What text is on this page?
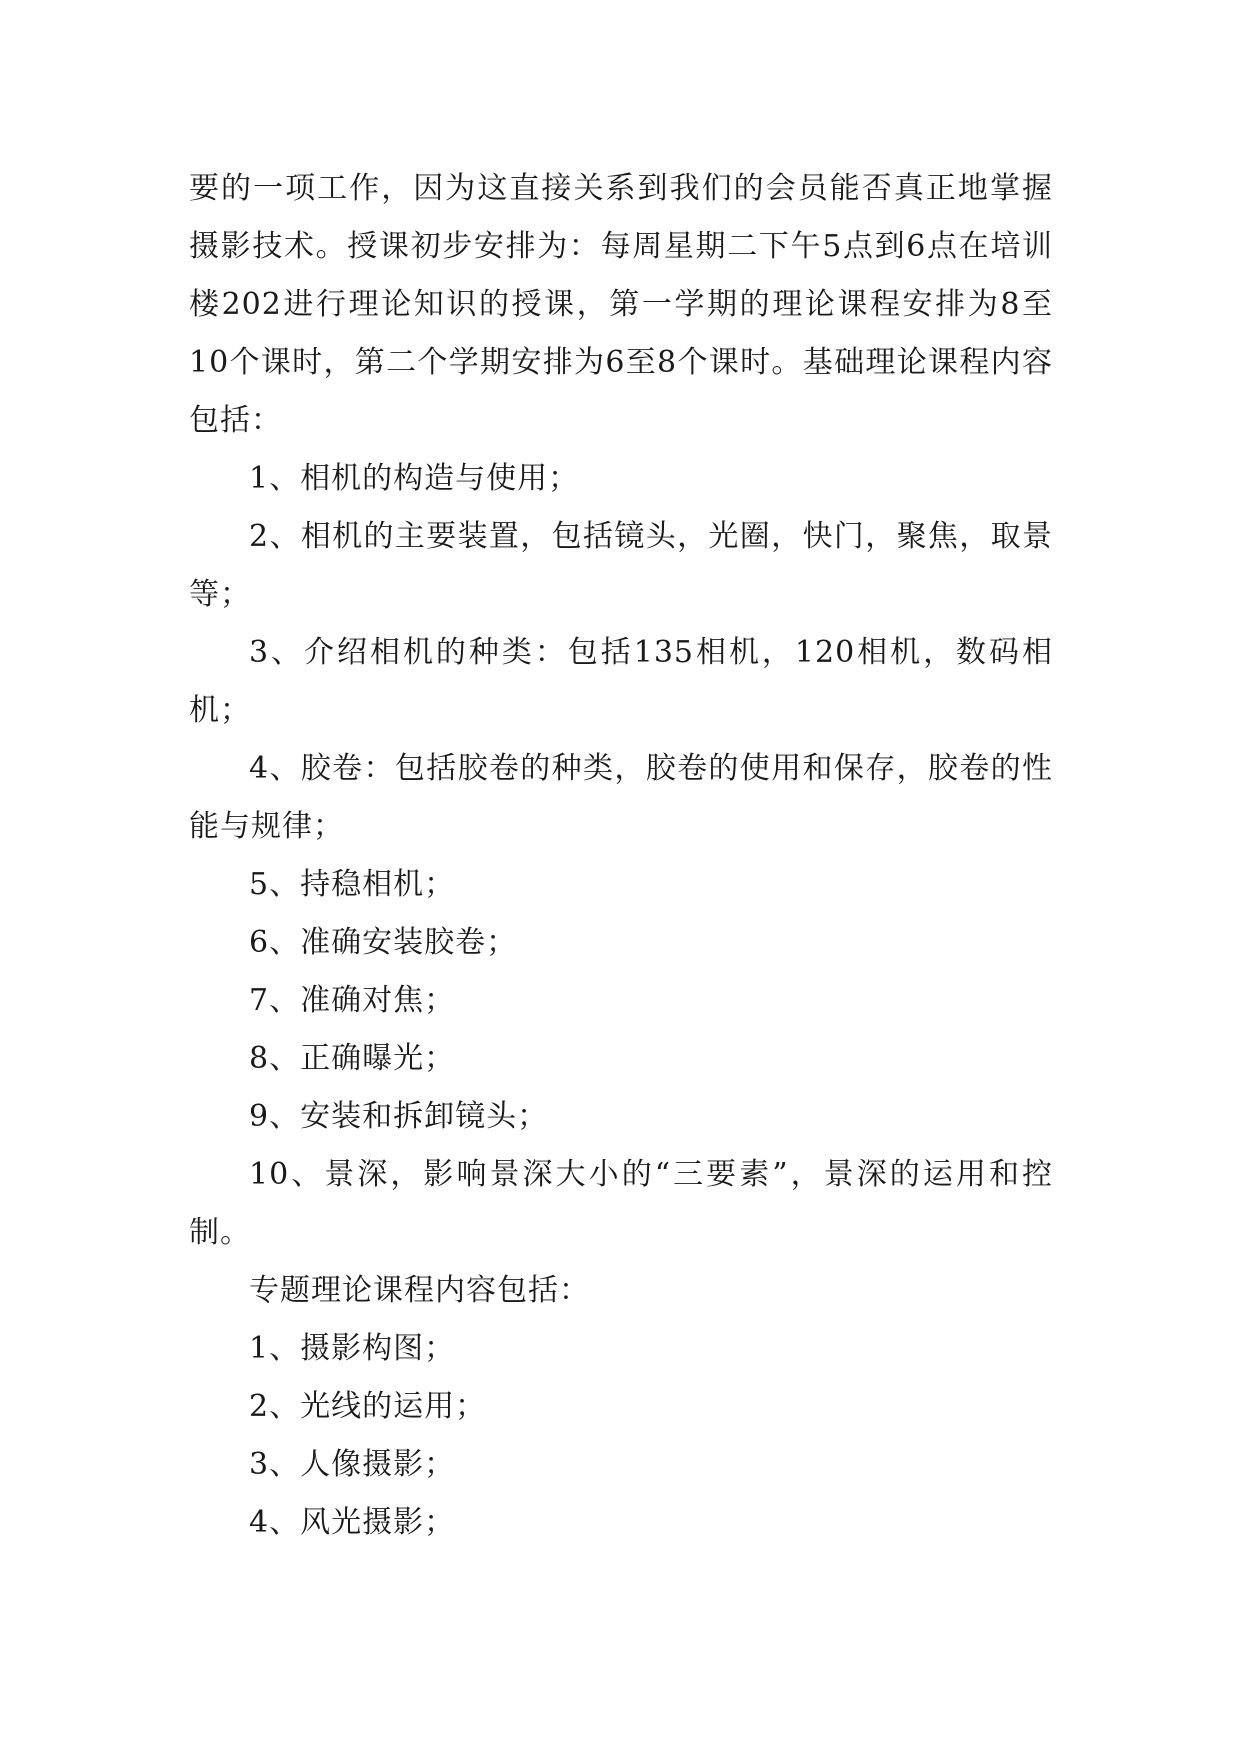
要的一项工作，因为这直接关系到我们的会员能否真正地掌握摄影技术。授课初步安排为：每周星期二下午5点到6点在培训楼202进行理论知识的授课，第一学期的理论课程安排为8至10个课时，第二个学期安排为6至8个课时。基础理论课程内容包括：

1、相机的构造与使用；

2、相机的主要装置，包括镜头，光圈，快门，聚焦，取景等；

3、介绍相机的种类：包括135相机，120相机，数码相机；

4、胶卷：包括胶卷的种类，胶卷的使用和保存，胶卷的性能与规律；

5、持稳相机；

6、准确安装胶卷；

7、准确对焦；

8、正确曝光；

9、安装和拆卸镜头；

10、景深，影响景深大小的“三要素”，景深的运用和控制。

专题理论课程内容包括：

1、摄影构图；

2、光线的运用；

3、人像摄影；

4、风光摄影；
